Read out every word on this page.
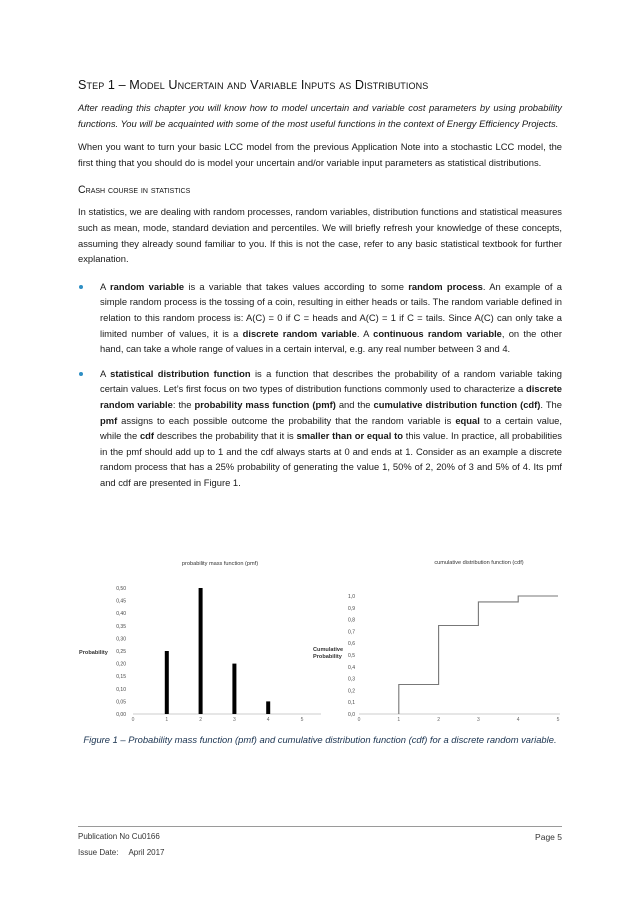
Step 1 – Model Uncertain and Variable Inputs as Distributions

After reading this chapter you will know how to model uncertain and variable cost parameters by using probability functions. You will be acquainted with some of the most useful functions in the context of Energy Efficiency Projects.

When you want to turn your basic LCC model from the previous Application Note into a stochastic LCC model, the first thing that you should do is model your uncertain and/or variable input parameters as statistical distributions.

Crash course in statistics

In statistics, we are dealing with random processes, random variables, distribution functions and statistical measures such as mean, mode, standard deviation and percentiles. We will briefly refresh your knowledge of these concepts, assuming they already sound familiar to you. If this is not the case, refer to any basic statistical textbook for further explanation.

A random variable is a variable that takes values according to some random process. An example of a simple random process is the tossing of a coin, resulting in either heads or tails. The random variable defined in relation to this random process is: A(C) = 0 if C = heads and A(C) = 1 if C = tails. Since A(C) can only take a limited number of values, it is a discrete random variable. A continuous random variable, on the other hand, can take a whole range of values in a certain interval, e.g. any real number between 3 and 4.
A statistical distribution function is a function that describes the probability of a random variable taking certain values. Let’s first focus on two types of distribution functions commonly used to characterize a discrete random variable: the probability mass function (pmf) and the cumulative distribution function (cdf). The pmf assigns to each possible outcome the probability that the random variable is equal to a certain value, while the cdf describes the probability that it is smaller than or equal to this value. In practice, all probabilities in the pmf should add up to 1 and the cdf always starts at 0 and ends at 1. Consider as an example a discrete random process that has a 25% probability of generating the value 1, 50% of 2, 20% of 3 and 5% of 4. Its pmf and cdf are presented in Figure 1.
probability mass function (pmf)
Probability
0,00
0,05
0,10
0,15
0,20
0,25
0,30
0,35
0,40
0,45
0,50
0	1	2	3	4	5
cumulative distribution function (cdf)
Cumulative
Probability
0,0
0,1
0,2
0,3
0,4
0,5
0,6
0,7
0,8
0,9
1,0
0	1	2	3	4	5
Figure 1 – Probability mass function (pmf) and cumulative distribution function (cdf) for a discrete random variable.
Publication No Cu0166	Page 5
Issue Date: April 2017
